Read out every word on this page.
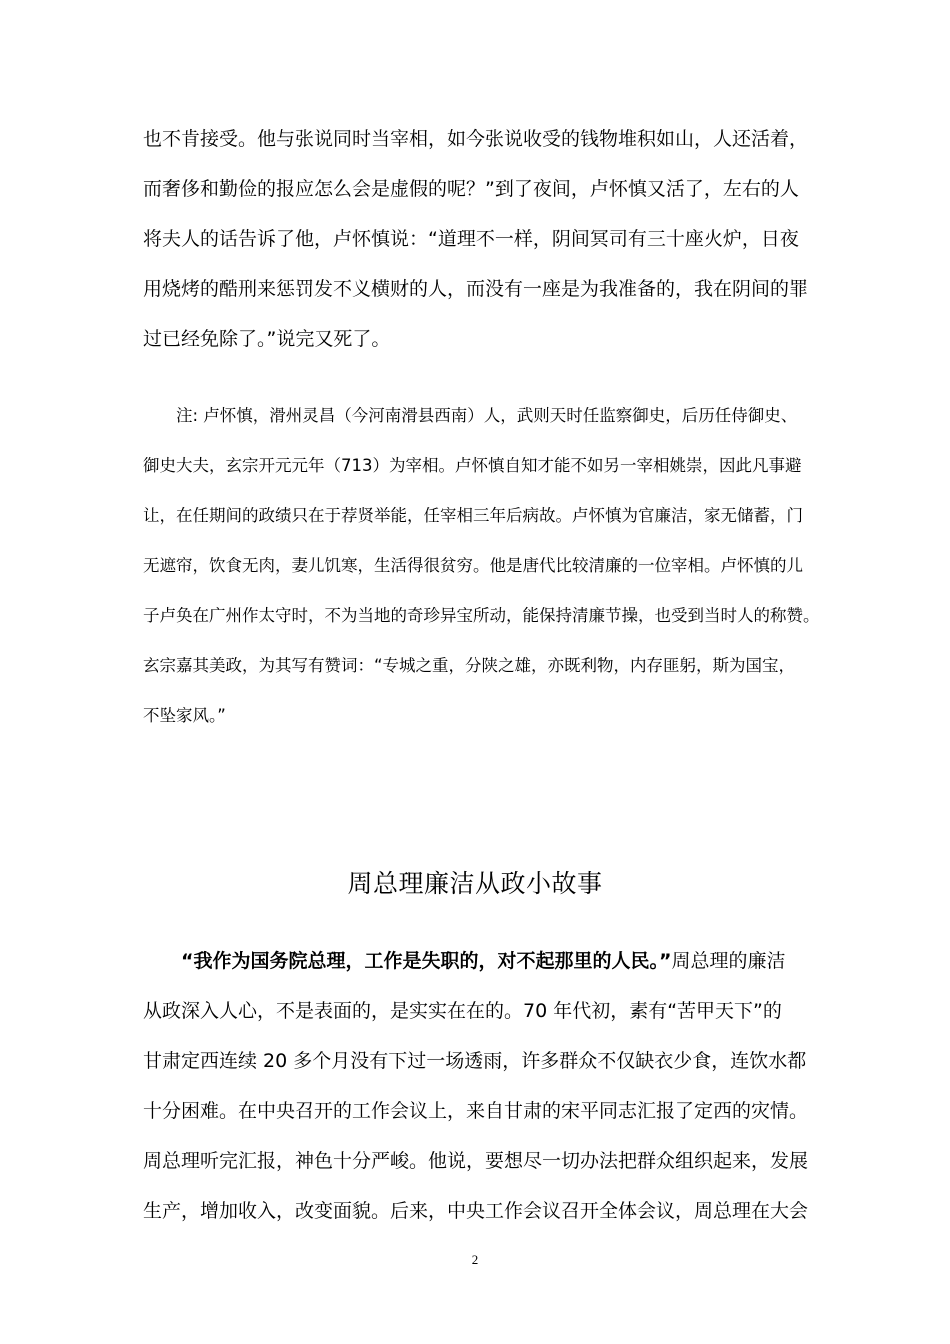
也不肯接受。他与张说同时当宰相，如今张说收受的钱物堆积如山，人还活着，
而奢侈和勤俭的报应怎么会是虚假的呢？”到了夜间，卢怀慎又活了，左右的人
将夫人的话告诉了他，卢怀慎说：“道理不一样，阴间冥司有三十座火炉，日夜
用烧烤的酷刑来惩罚发不义横财的人，而没有一座是为我准备的，我在阴间的罪
过已经免除了。”说完又死了。
注: 卢怀慎，滑州灵昌（今河南滑县西南）人，武则天时任监察御史，后历任侍御史、
御史大夫，玄宗开元元年（713）为宰相。卢怀慎自知才能不如另一宰相姚崇，因此凡事避
让，在任期间的政绩只在于荐贤举能，任宰相三年后病故。卢怀慎为官廉洁，家无储蓄，门
无遮帘，饮食无肉，妻儿饥寒，生活得很贫穷。他是唐代比较清廉的一位宰相。卢怀慎的儿
子卢奂在广州作太守时，不为当地的奇珍异宝所动，能保持清廉节操，也受到当时人的称赞。
玄宗嘉其美政，为其写有赞词：“专城之重，分陕之雄，亦既利物，内存匪躬，斯为国宝，
不坠家风。”
周总理廉洁从政小故事
“我作为国务院总理，工作是失职的，对不起那里的人民。”周总理的廉洁
从政深入人心，不是表面的，是实实在在的。70 年代初，素有“苦甲天下”的
甘肃定西连续 20 多个月没有下过一场透雨，许多群众不仅缺衣少食，连饮水都
十分困难。在中央召开的工作会议上，来自甘肃的宋平同志汇报了定西的灾情。
周总理听完汇报，神色十分严峻。他说，要想尽一切办法把群众组织起来，发展
生产，增加收入，改变面貌。后来，中央工作会议召开全体会议，周总理在大会
2
